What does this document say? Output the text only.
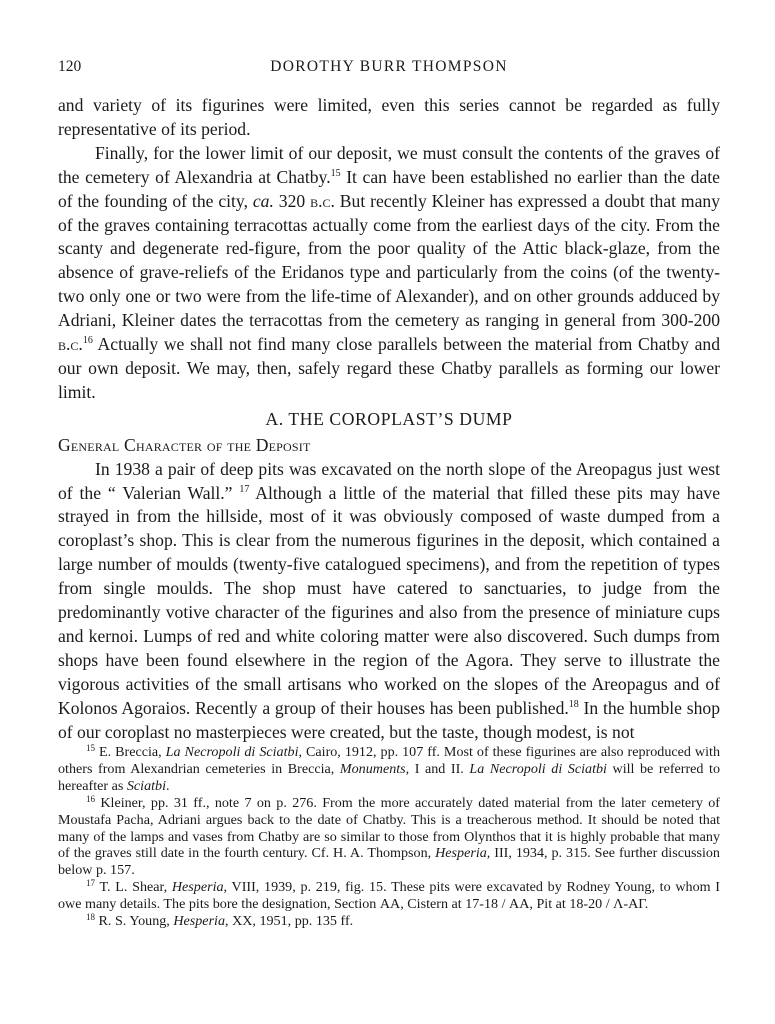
120	DOROTHY BURR THOMPSON

and variety of its figurines were limited, even this series cannot be regarded as fully representative of its period.

Finally, for the lower limit of our deposit, we must consult the contents of the graves of the cemetery of Alexandria at Chatby.$^{15}$ It can have been established no earlier than the date of the founding of the city, ca. 320 b.c. But recently Kleiner has expressed a doubt that many of the graves containing terracottas actually come from the earliest days of the city. From the scanty and degenerate red-figure, from the poor quality of the Attic black-glaze, from the absence of grave-reliefs of the Eridanos type and particularly from the coins (of the twenty-two only one or two were from the life-time of Alexander), and on other grounds adduced by Adriani, Kleiner dates the terracottas from the cemetery as ranging in general from 300-200 b.c.$^{16}$ Actually we shall not find many close parallels between the material from Chatby and our own deposit. We may, then, safely regard these Chatby parallels as forming our lower limit.

A. THE COROPLAST’S DUMP

General Character of the Deposit

In 1938 a pair of deep pits was excavated on the north slope of the Areopagus just west of the “ Valerian Wall.” $^{17}$ Although a little of the material that filled these pits may have strayed in from the hillside, most of it was obviously composed of waste dumped from a coroplast’s shop. This is clear from the numerous figurines in the deposit, which contained a large number of moulds (twenty-five catalogued specimens), and from the repetition of types from single moulds. The shop must have catered to sanctuaries, to judge from the predominantly votive character of the figurines and also from the presence of miniature cups and kernoi. Lumps of red and white coloring matter were also discovered. Such dumps from shops have been found elsewhere in the region of the Agora. They serve to illustrate the vigorous activities of the small artisans who worked on the slopes of the Areopagus and of Kolonos Agoraios. Recently a group of their houses has been published.$^{18}$ In the humble shop of our coroplast no masterpieces were created, but the taste, though modest, is not

$^{15}$ E. Breccia, La Necropoli di Sciatbi, Cairo, 1912, pp. 107 ff. Most of these figurines are also reproduced with others from Alexandrian cemeteries in Breccia, Monuments, I and II. La Necropoli di Sciatbi will be referred to hereafter as Sciatbi.

$^{16}$ Kleiner, pp. 31 ff., note 7 on p. 276. From the more accurately dated material from the later cemetery of Moustafa Pacha, Adriani argues back to the date of Chatby. This is a treacherous method. It should be noted that many of the lamps and vases from Chatby are so similar to those from Olynthos that it is highly probable that many of the graves still date in the fourth century. Cf. H. A. Thompson, Hesperia, III, 1934, p. 315. See further discussion below p. 157.

$^{17}$ T. L. Shear, Hesperia, VIII, 1939, p. 219, fig. 15. These pits were excavated by Rodney Young, to whom I owe many details. The pits bore the designation, Section ΑΑ, Cistern at 17-18 / ΑΑ, Pit at 18-20 / Λ-ΑΓ.

$^{18}$ R. S. Young, Hesperia, XX, 1951, pp. 135 ff.
